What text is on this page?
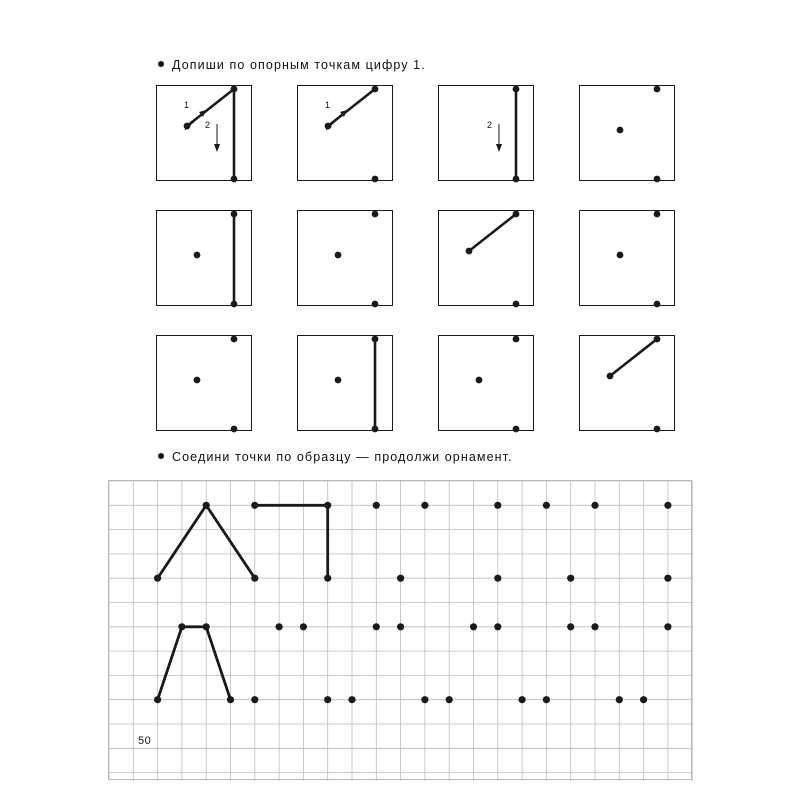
Допиши по опорным точкам цифру 1.
1
2
1
2
Соедини точки по образцу — продолжи орнамент.
50
